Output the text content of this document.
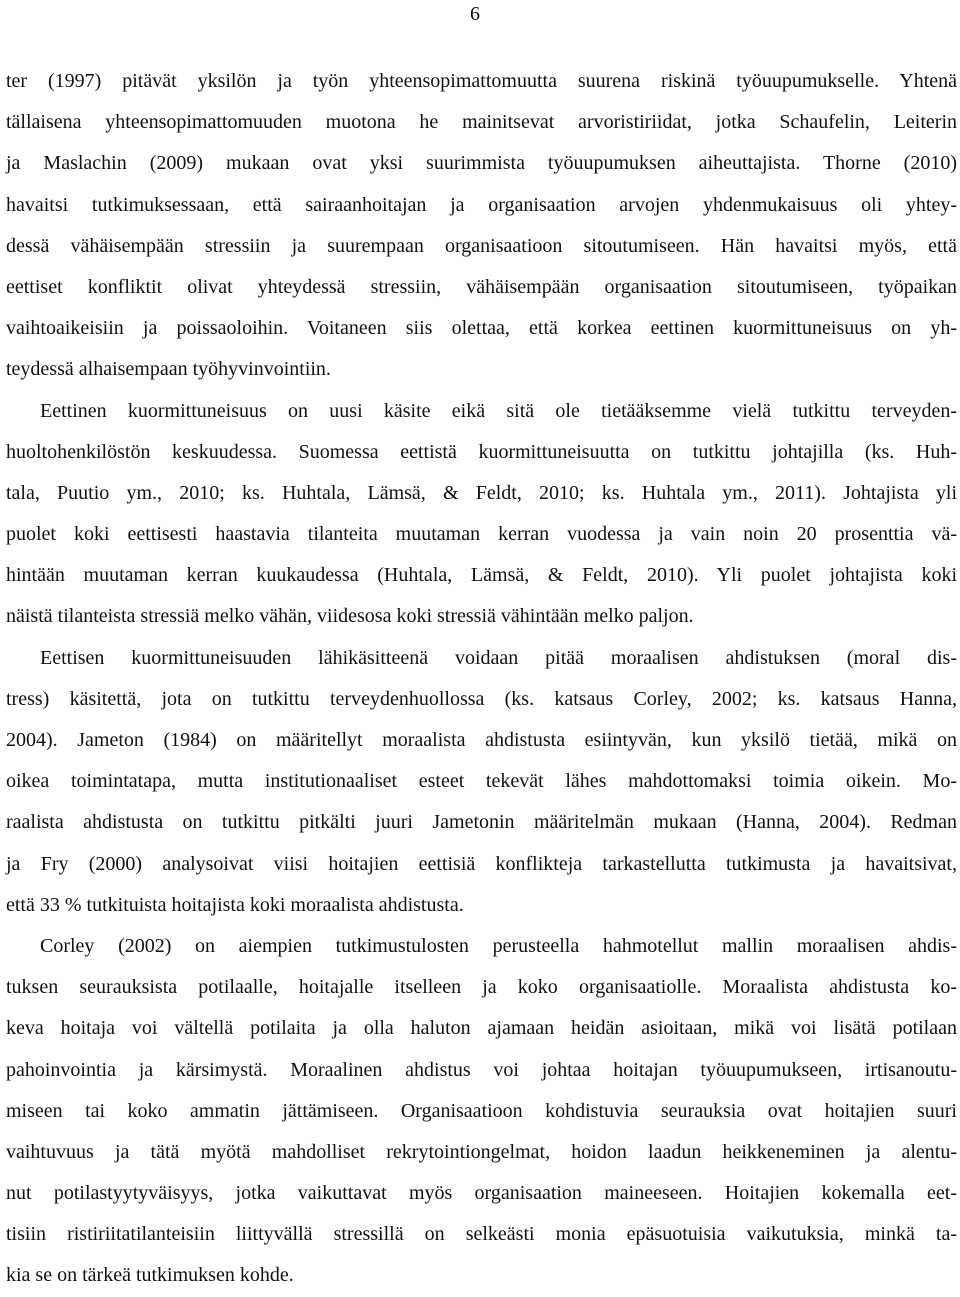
6
ter (1997) pitävät yksilön ja työn yhteensopimattomuutta suurena riskinä työuupumukselle. Yhtenä
tällaisena yhteensopimattomuuden muotona he mainitsevat arvoristiriidat, jotka Schaufelin, Leiterin
ja Maslachin (2009) mukaan ovat yksi suurimmista työuupumuksen aiheuttajista. Thorne (2010)
havaitsi tutkimuksessaan, että sairaanhoitajan ja organisaation arvojen yhdenmukaisuus oli yhtey-
dessä vähäisempään stressiin ja suurempaan organisaatioon sitoutumiseen. Hän havaitsi myös, että
eettiset konfliktit olivat yhteydessä stressiin, vähäisempään organisaation sitoutumiseen, työpaikan
vaihtoaikeisiin ja poissaoloihin. Voitaneen siis olettaa, että korkea eettinen kuormittuneisuus on yh-
teydessä alhaisempaan työhyvinvointiin.
Eettinen kuormittuneisuus on uusi käsite eikä sitä ole tietääksemme vielä tutkittu terveyden-
huoltohenkilöstön keskuudessa. Suomessa eettistä kuormittuneisuutta on tutkittu johtajilla (ks. Huh-
tala, Puutio ym., 2010; ks. Huhtala, Lämsä, & Feldt, 2010; ks. Huhtala ym., 2011). Johtajista yli
puolet koki eettisesti haastavia tilanteita muutaman kerran vuodessa ja vain noin 20 prosenttia vä-
hintään muutaman kerran kuukaudessa (Huhtala, Lämsä, & Feldt, 2010). Yli puolet johtajista koki
näistä tilanteista stressiä melko vähän, viidesosa koki stressiä vähintään melko paljon.
Eettisen kuormittuneisuuden lähikäsitteenä voidaan pitää moraalisen ahdistuksen (moral dis-
tress) käsitettä, jota on tutkittu terveydenhuollossa (ks. katsaus Corley, 2002; ks. katsaus Hanna,
2004). Jameton (1984) on määritellyt moraalista ahdistusta esiintyvän, kun yksilö tietää, mikä on
oikea toimintatapa, mutta institutionaaliset esteet tekevät lähes mahdottomaksi toimia oikein. Mo-
raalista ahdistusta on tutkittu pitkälti juuri Jametonin määritelmän mukaan (Hanna, 2004). Redman
ja Fry (2000) analysoivat viisi hoitajien eettisiä konflikteja tarkastellutta tutkimusta ja havaitsivat,
että 33 % tutkituista hoitajista koki moraalista ahdistusta.
Corley (2002) on aiempien tutkimustulosten perusteella hahmotellut mallin moraalisen ahdis-
tuksen seurauksista potilaalle, hoitajalle itselleen ja koko organisaatiolle. Moraalista ahdistusta ko-
keva hoitaja voi vältellä potilaita ja olla haluton ajamaan heidän asioitaan, mikä voi lisätä potilaan
pahoinvointia ja kärsimystä. Moraalinen ahdistus voi johtaa hoitajan työuupumukseen, irtisanoutu-
miseen tai koko ammatin jättämiseen. Organisaatioon kohdistuvia seurauksia ovat hoitajien suuri
vaihtuvuus ja tätä myötä mahdolliset rekrytointiongelmat, hoidon laadun heikkeneminen ja alentu-
nut potilastyytyväisyys, jotka vaikuttavat myös organisaation maineeseen. Hoitajien kokemalla eet-
tisiin ristiriitatilanteisiin liittyvällä stressillä on selkeästi monia epäsuotuisia vaikutuksia, minkä ta-
kia se on tärkeä tutkimuksen kohde.
